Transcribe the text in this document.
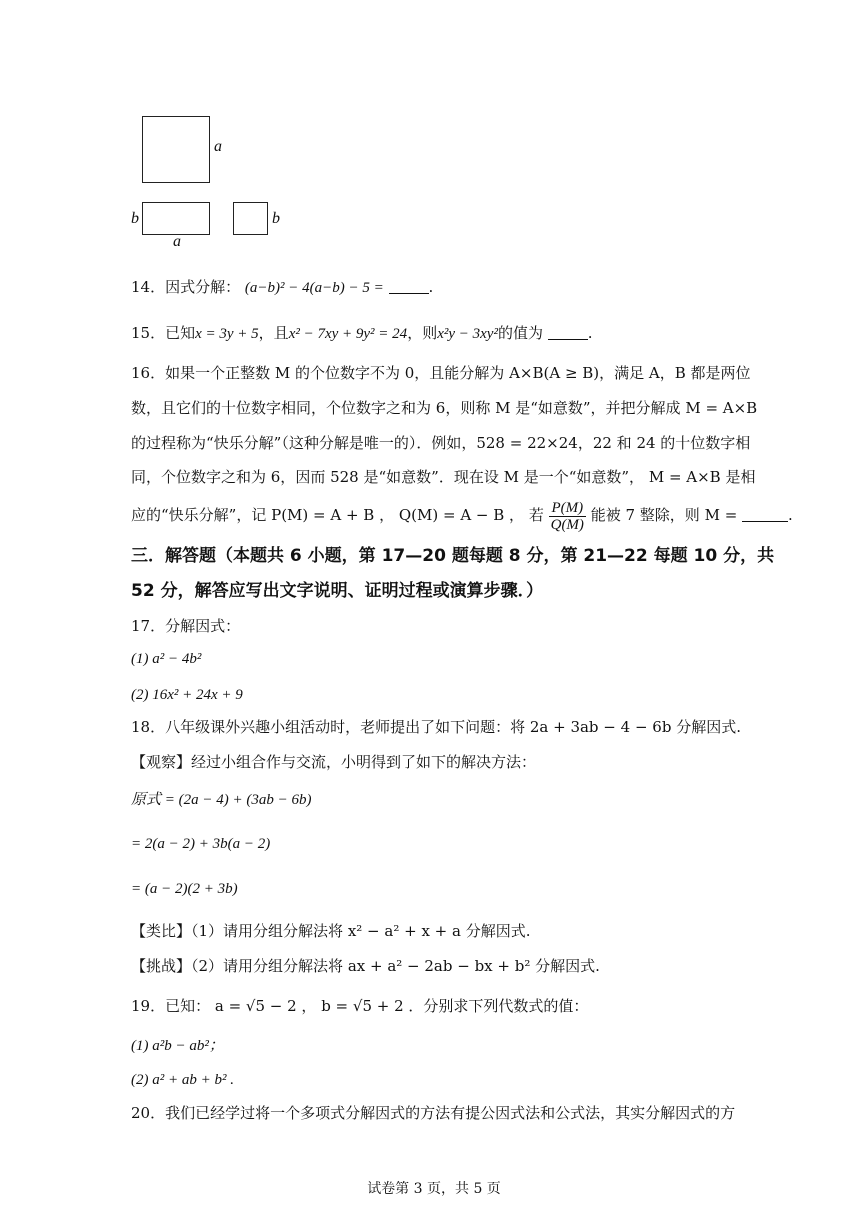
a
b
a
b
14．因式分解： (a−b)² − 4(a−b) − 5 =	.
15．已知x = 3y + 5，且x² − 7xy + 9y² = 24，则x²y − 3xy²的值为	.
16．如果一个正整数 M 的个位数字不为 0，且能分解为 A×B(A ≥ B)，满足 A，B 都是两位
数，且它们的十位数字相同，个位数字之和为 6，则称 M 是“如意数”，并把分解成 M = A×B
的过程称为“快乐分解”（这种分解是唯一的）．例如，528 = 22×24，22 和 24 的十位数字相
同，个位数字之和为 6，因而 528 是“如意数”．现在设 M 是一个“如意数”， M = A×B 是相
应的“快乐分解”，记 P(M) = A + B ， Q(M) = A − B ， 若 $\frac{P(M)}{Q(M)}$ 能被 7 整除，则 M =	.
三．解答题（本题共 6 小题，第 17—20 题每题 8 分，第 21—22 每题 10 分，共
52 分，解答应写出文字说明、证明过程或演算步骤．）
17．分解因式：
(1) a² − 4b²
(2) 16x² + 24x + 9
18．八年级课外兴趣小组活动时，老师提出了如下问题：将 2a + 3ab − 4 − 6b 分解因式.
【观察】经过小组合作与交流，小明得到了如下的解决方法：
原式 = (2a − 4) + (3ab − 6b)
= 2(a − 2) + 3b(a − 2)
= (a − 2)(2 + 3b)
【类比】（1）请用分组分解法将 x² − a² + x + a 分解因式.
【挑战】（2）请用分组分解法将 ax + a² − 2ab − bx + b² 分解因式.
19．已知： a = √5 − 2 ， b = √5 + 2 ．分别求下列代数式的值：
(1) a²b − ab²；
(2) a² + ab + b² .
20．我们已经学过将一个多项式分解因式的方法有提公因式法和公式法，其实分解因式的方
试卷第 3 页，共 5 页
